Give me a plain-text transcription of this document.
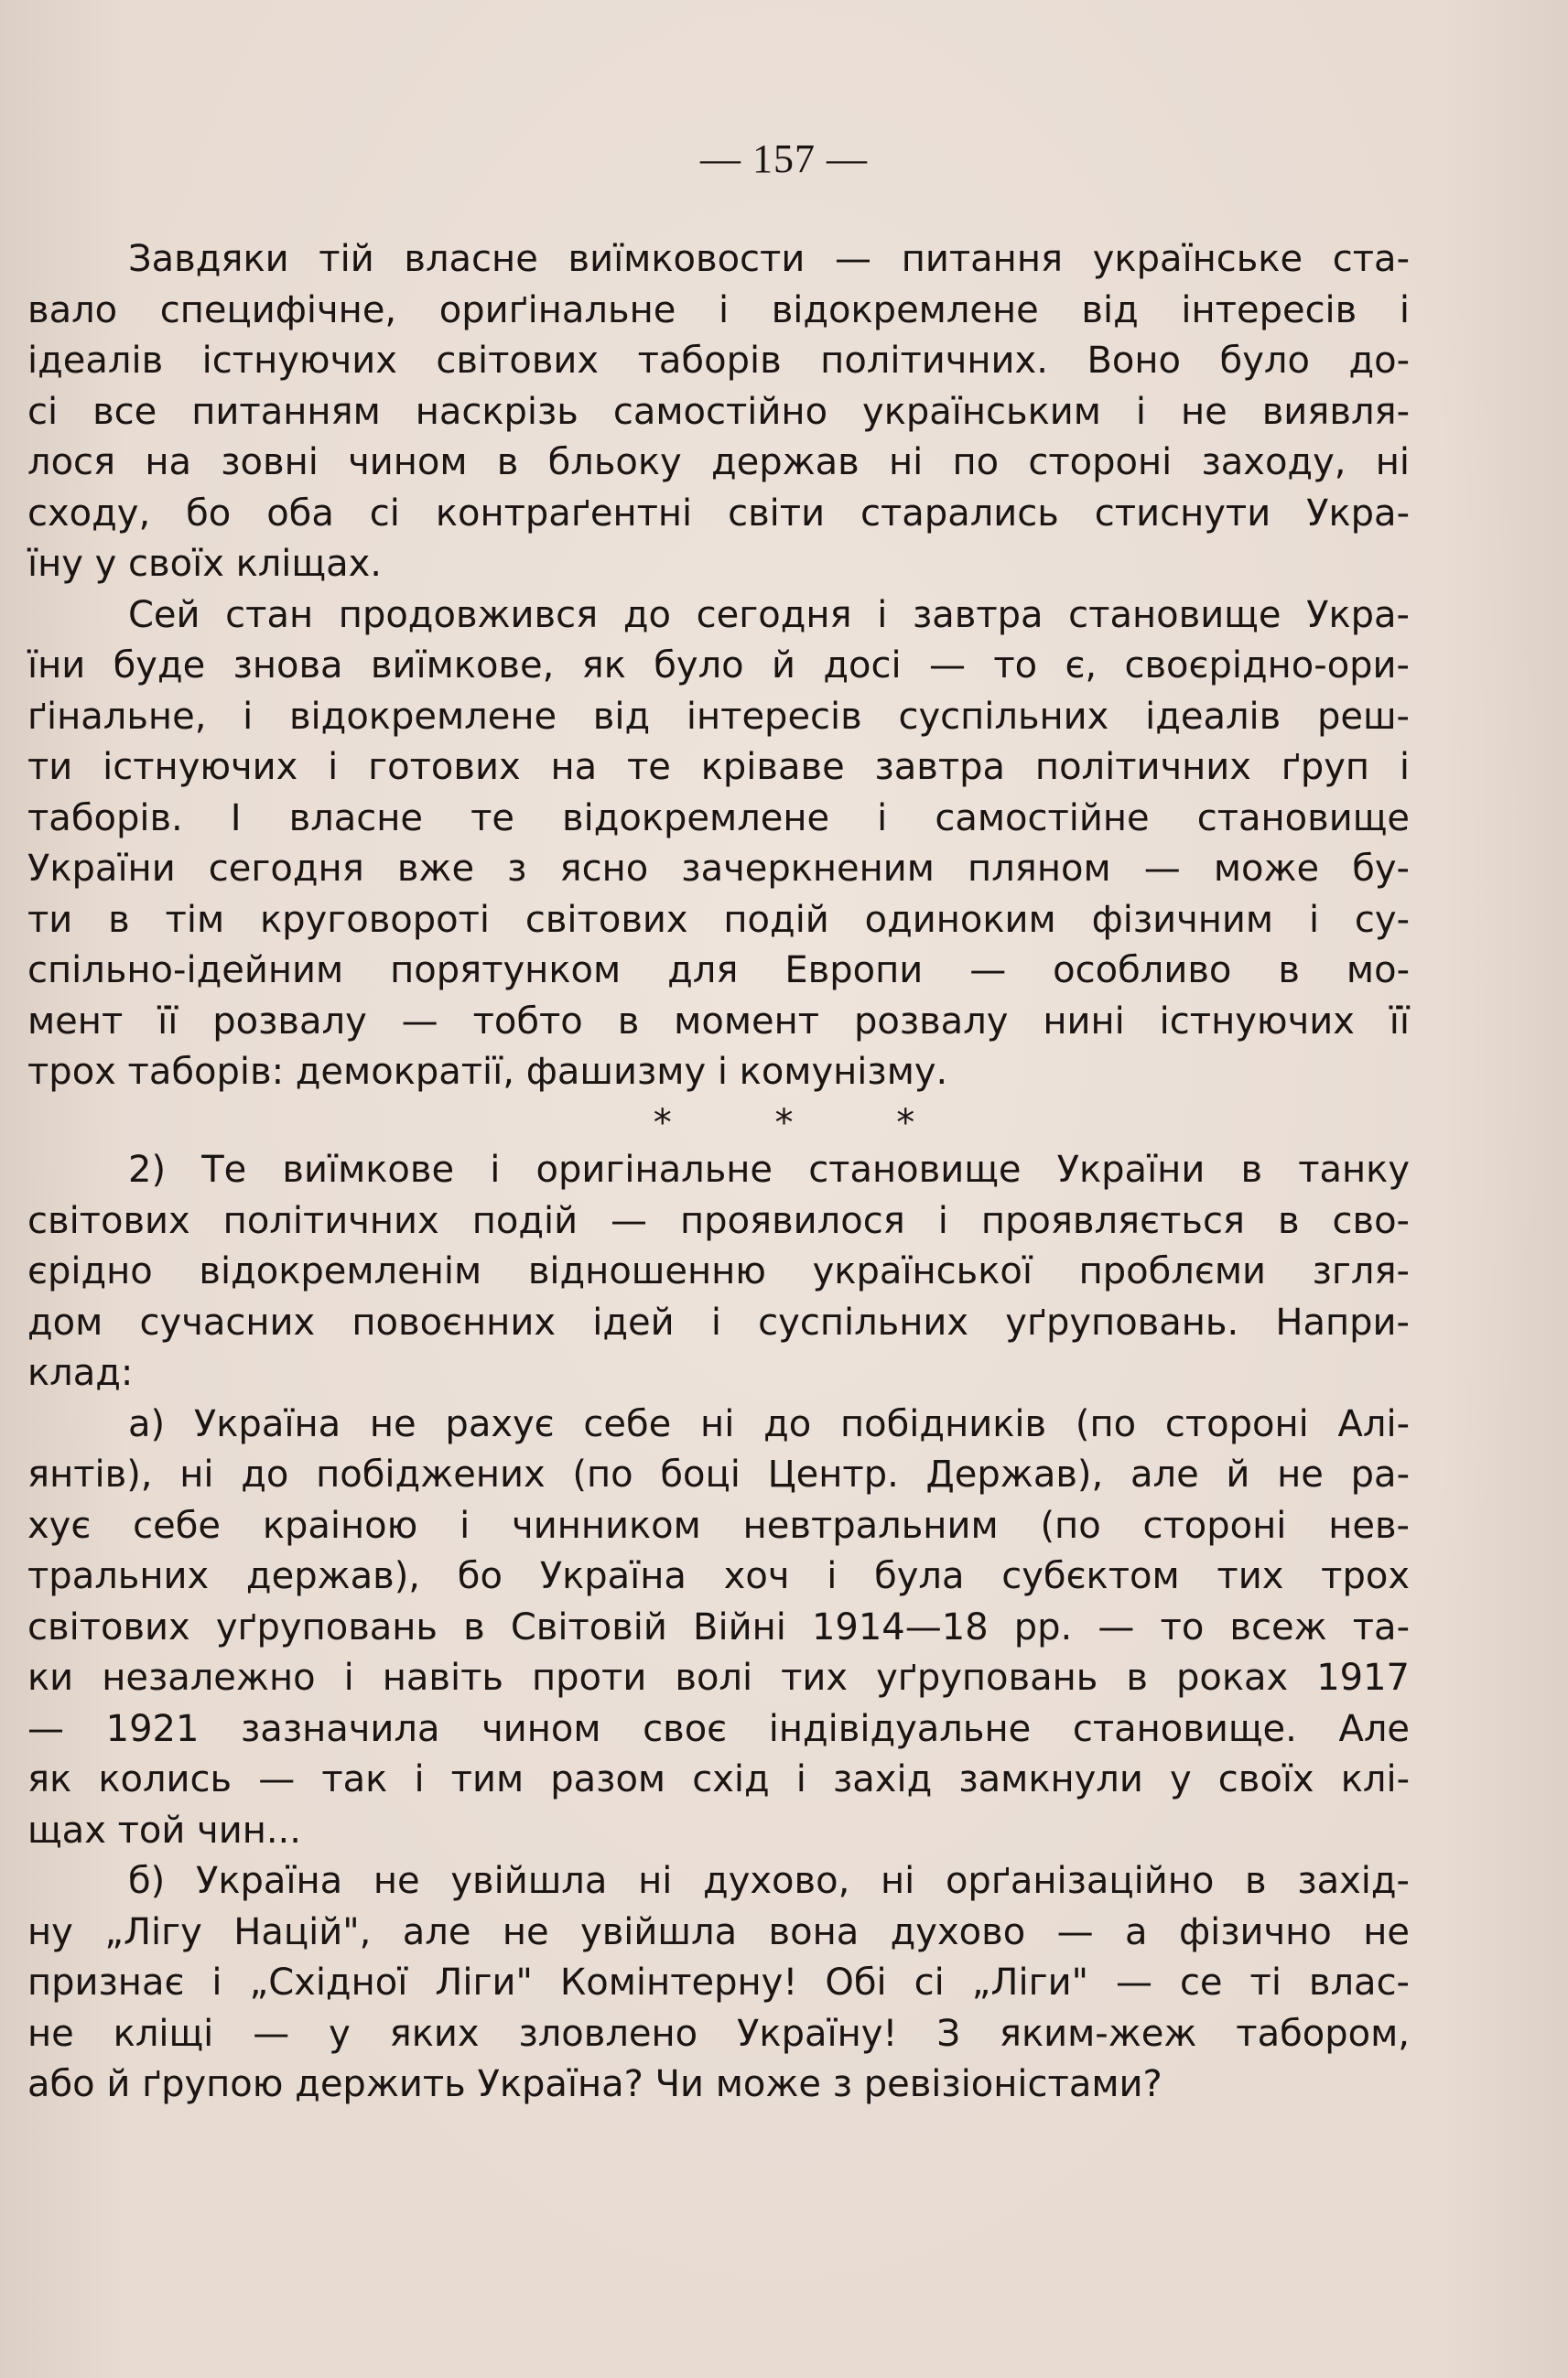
— 157 —
Завдяки тій власне виїмковости — питання українське ста-
вало специфічне, ориґінальне і відокремлене від інтересів і
ідеалів істнуючих світових таборів політичних. Воно було до-
сі все питанням наскрізь самостійно українським і не виявля-
лося на зовні чином в бльоку держав ні по стороні заходу, ні
сходу, бо оба сі контраґентні світи старались стиснути Укра-
їну у своїх кліщах.
Сей стан продовжився до сегодня і завтра становище Укра-
їни буде знова виїмкове, як було й досі — то є, своєрідно-ори-
ґінальне, і відокремлене від інтересів суспільних ідеалів реш-
ти істнуючих і готових на те кріваве завтра політичних ґруп і
таборів. І власне те відокремлене і самостійне становище
України сегодня вже з ясно зачеркненим пляном — може бу-
ти в тім круговороті світових подій одиноким фізичним і су-
спільно-ідейним порятунком для Европи — особливо в мо-
мент її розвалу — тобто в момент розвалу нині істнуючих її
трох таборів: демократії, фашизму і комунізму.
*	*	*
2) Те виїмкове і оригінальне становище України в танку
світових політичних подій — проявилося і проявляється в сво-
єрідно відокремленім відношенню української проблєми згля-
дом сучасних повоєнних ідей і суспільних уґруповань. Напри-
клад:
а) Україна не рахує себе ні до побідників (по стороні Алі-
янтів), ні до побіджених (по боці Центр. Держав), але й не ра-
хує себе краіною і чинником невтральним (по стороні нев-
тральних держав), бо Україна хоч і була субєктом тих трох
світових уґруповань в Світовій Війні 1914—18 рр. — то всеж та-
ки незалежно і навіть проти волі тих уґруповань в роках 1917
— 1921 зазначила чином своє індівідуальне становище. Але
як колись — так і тим разом схід і захід замкнули у своїх клі-
щах той чин...
б) Україна не увійшла ні духово, ні орґанізаційно в захід-
ну „Лігу Націй", але не увійшла вона духово — а фізично не
признає і „Східної Ліги" Комінтерну! Обі сі „Ліги" — се ті влас-
не кліщі — у яких зловлено Україну! З яким-жеж табором,
або й ґрупою держить Україна? Чи може з ревізіоністами?
